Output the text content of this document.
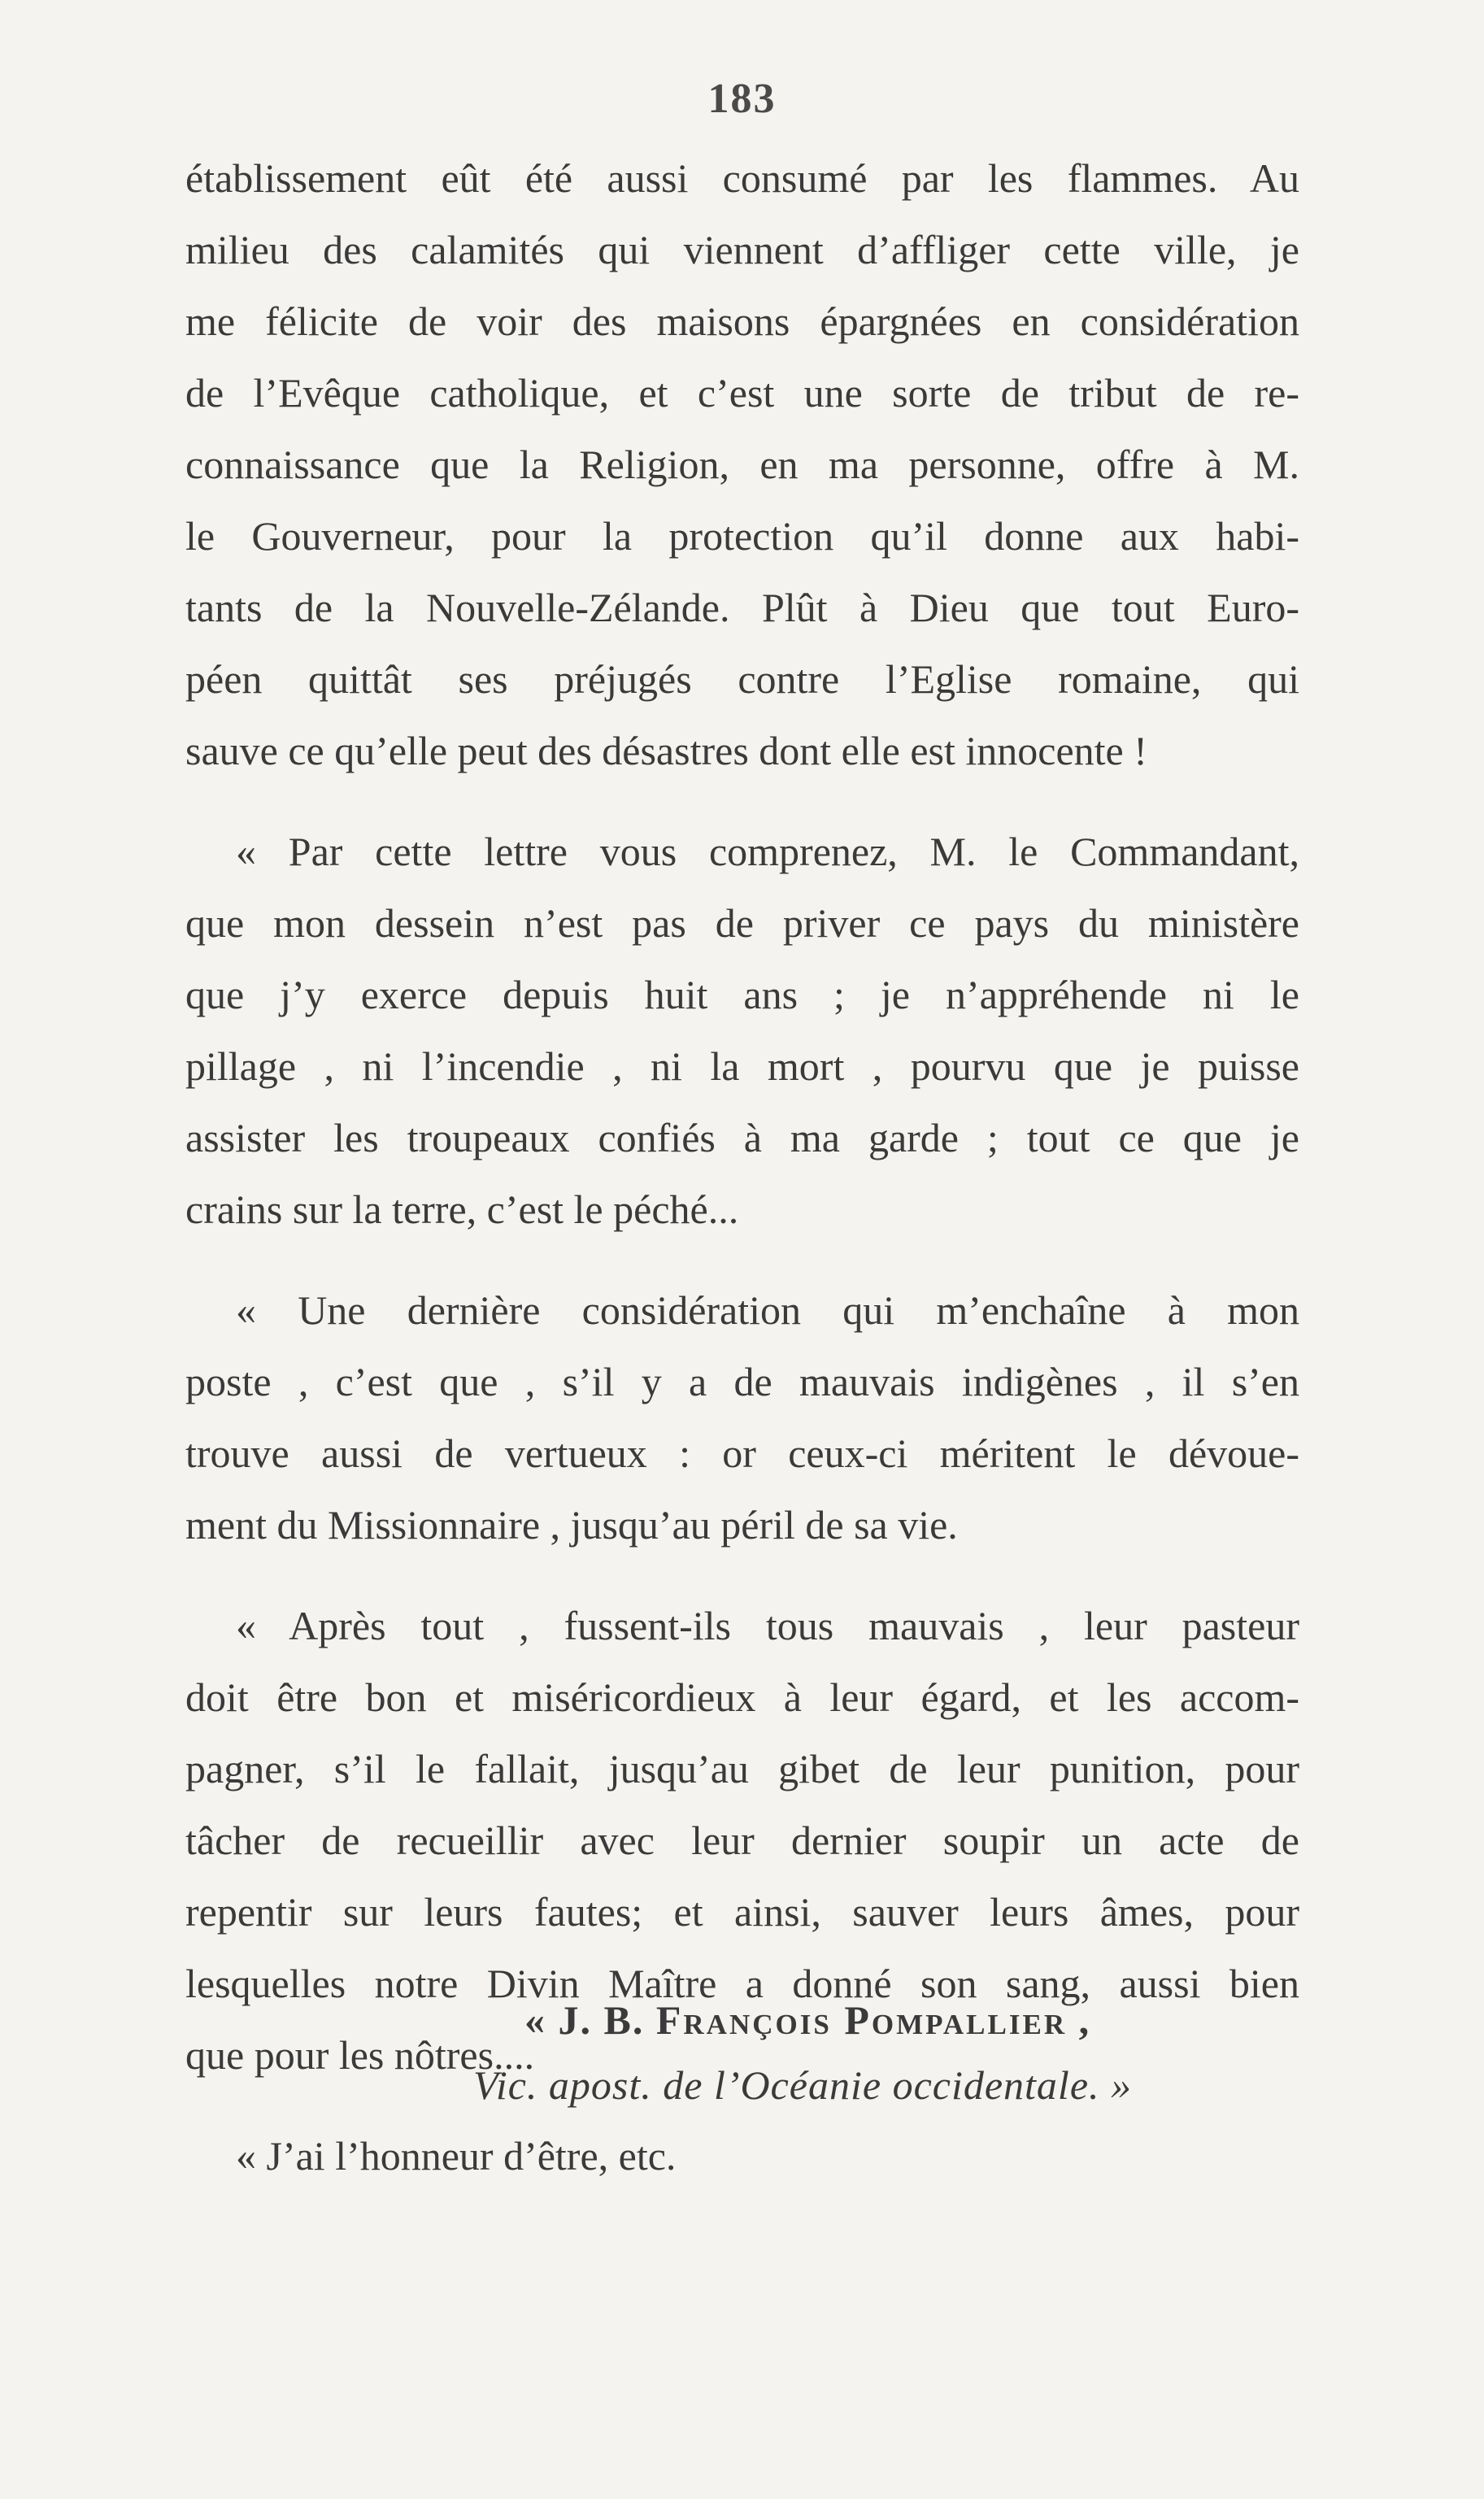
183
établissement eût été aussi consumé par les flammes. Au
milieu des calamités qui viennent d’affliger cette ville, je
me félicite de voir des maisons épargnées en considération
de l’Evêque catholique, et c’est une sorte de tribut de re-
connaissance que la Religion, en ma personne, offre à M.
le Gouverneur, pour la protection qu’il donne aux habi-
tants de la Nouvelle-Zélande. Plût à Dieu que tout Euro-
péen quittât ses préjugés contre l’Eglise romaine, qui
sauve ce qu’elle peut des désastres dont elle est innocente !
« Par cette lettre vous comprenez, M. le Commandant,
que mon dessein n’est pas de priver ce pays du ministère
que j’y exerce depuis huit ans ; je n’appréhende ni le
pillage , ni l’incendie , ni la mort , pourvu que je puisse
assister les troupeaux confiés à ma garde ; tout ce que je
crains sur la terre, c’est le péché...
« Une dernière considération qui m’enchaîne à mon
poste , c’est que , s’il y a de mauvais indigènes , il s’en
trouve aussi de vertueux : or ceux-ci méritent le dévoue-
ment du Missionnaire , jusqu’au péril de sa vie.
« Après tout , fussent-ils tous mauvais , leur pasteur
doit être bon et miséricordieux à leur égard, et les accom-
pagner, s’il le fallait, jusqu’au gibet de leur punition, pour
tâcher de recueillir avec leur dernier soupir un acte de
repentir sur leurs fautes; et ainsi, sauver leurs âmes, pour
lesquelles notre Divin Maître a donné son sang, aussi bien
que pour les nôtres....
« J’ai l’honneur d’être, etc.
« J. B. François Pompallier ,
Vic. apost. de l’Océanie occidentale. »
